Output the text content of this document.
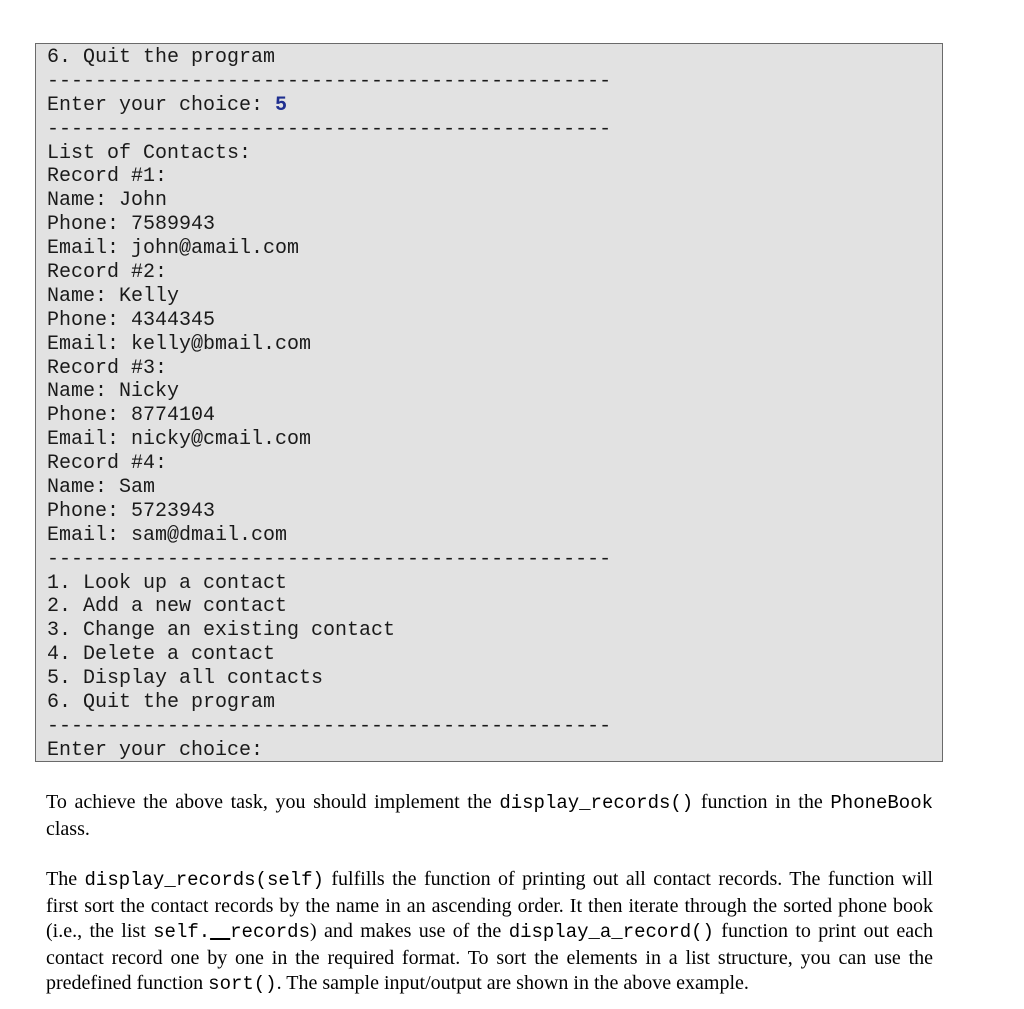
6. Quit the program
-----------------------------------------------
Enter your choice: 5
-----------------------------------------------
List of Contacts:
Record #1:
Name: John
Phone: 7589943
Email: john@amail.com
Record #2:
Name: Kelly
Phone: 4344345
Email: kelly@bmail.com
Record #3:
Name: Nicky
Phone: 8774104
Email: nicky@cmail.com
Record #4:
Name: Sam
Phone: 5723943
Email: sam@dmail.com
-----------------------------------------------
1. Look up a contact
2. Add a new contact
3. Change an existing contact
4. Delete a contact
5. Display all contacts
6. Quit the program
-----------------------------------------------
Enter your choice:

To achieve the above task, you should implement the display_records() function in the PhoneBook class.

The display_records(self) fulfills the function of printing out all contact records. The function will first sort the contact records by the name in an ascending order. It then iterate through the sorted phone book (i.e., the list self.__records) and makes use of the display_a_record() function to print out each contact record one by one in the required format. To sort the elements in a list structure, you can use the predefined function sort(). The sample input/output are shown in the above example.
